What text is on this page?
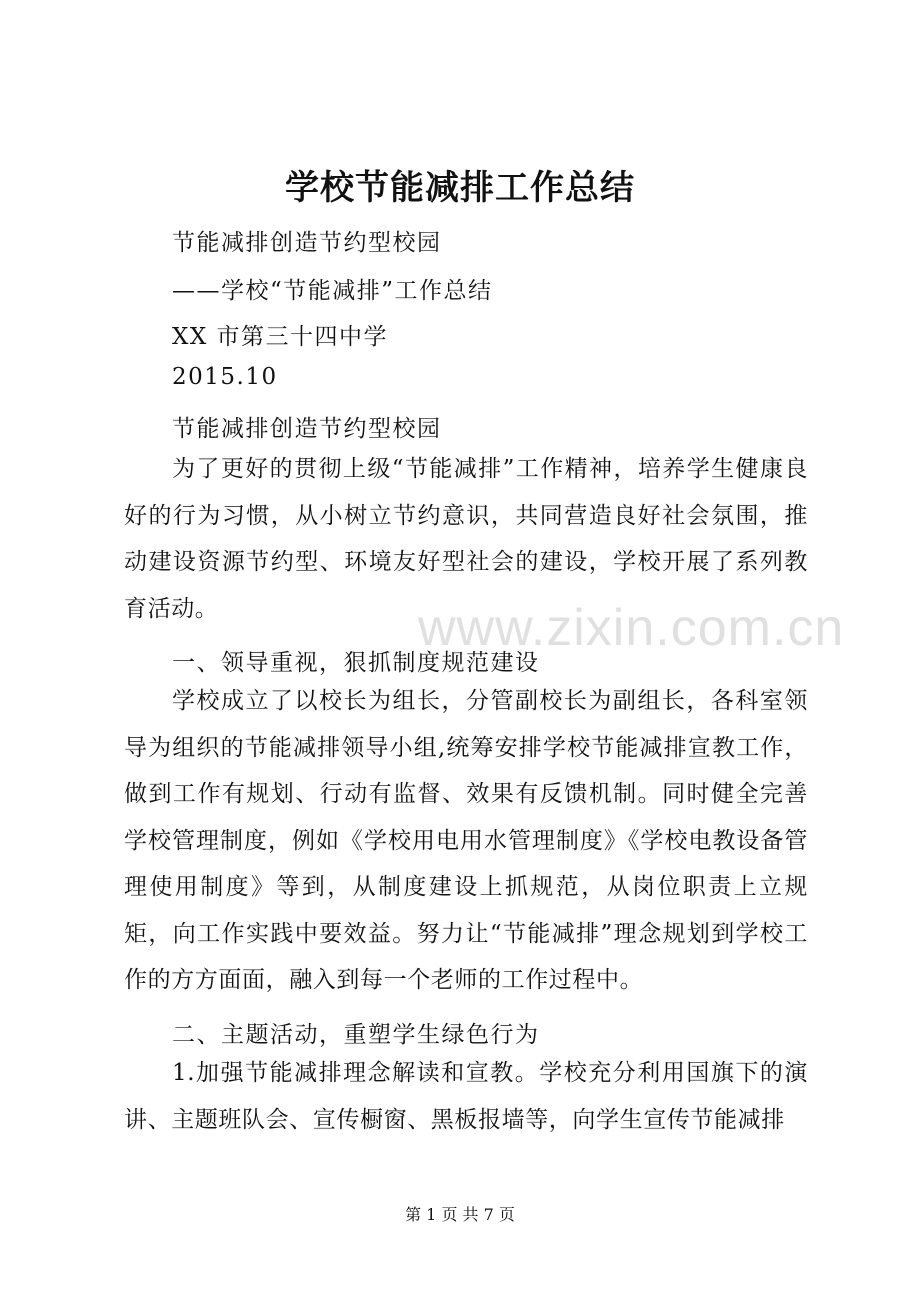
学校节能减排工作总结
节能减排创造节约型校园
——学校“节能减排”工作总结
XX 市第三十四中学
2015.10
节能减排创造节约型校园
为了更好的贯彻上级“节能减排”工作精神，培养学生健康良好的行为习惯，从小树立节约意识，共同营造良好社会氛围，推动建设资源节约型、环境友好型社会的建设，学校开展了系列教育活动。
一、领导重视，狠抓制度规范建设
学校成立了以校长为组长，分管副校长为副组长，各科室领导为组织的节能减排领导小组,统筹安排学校节能减排宣教工作，做到工作有规划、行动有监督、效果有反馈机制。同时健全完善学校管理制度，例如《学校用电用水管理制度》《学校电教设备管理使用制度》等到，从制度建设上抓规范，从岗位职责上立规矩，向工作实践中要效益。努力让“节能减排”理念规划到学校工作的方方面面，融入到每一个老师的工作过程中。
二、主题活动，重塑学生绿色行为
1.加强节能减排理念解读和宣教。学校充分利用国旗下的演讲、主题班队会、宣传橱窗、黑板报墙等，向学生宣传节能减排
www.zixin.com.cn
第 1 页 共 7 页
